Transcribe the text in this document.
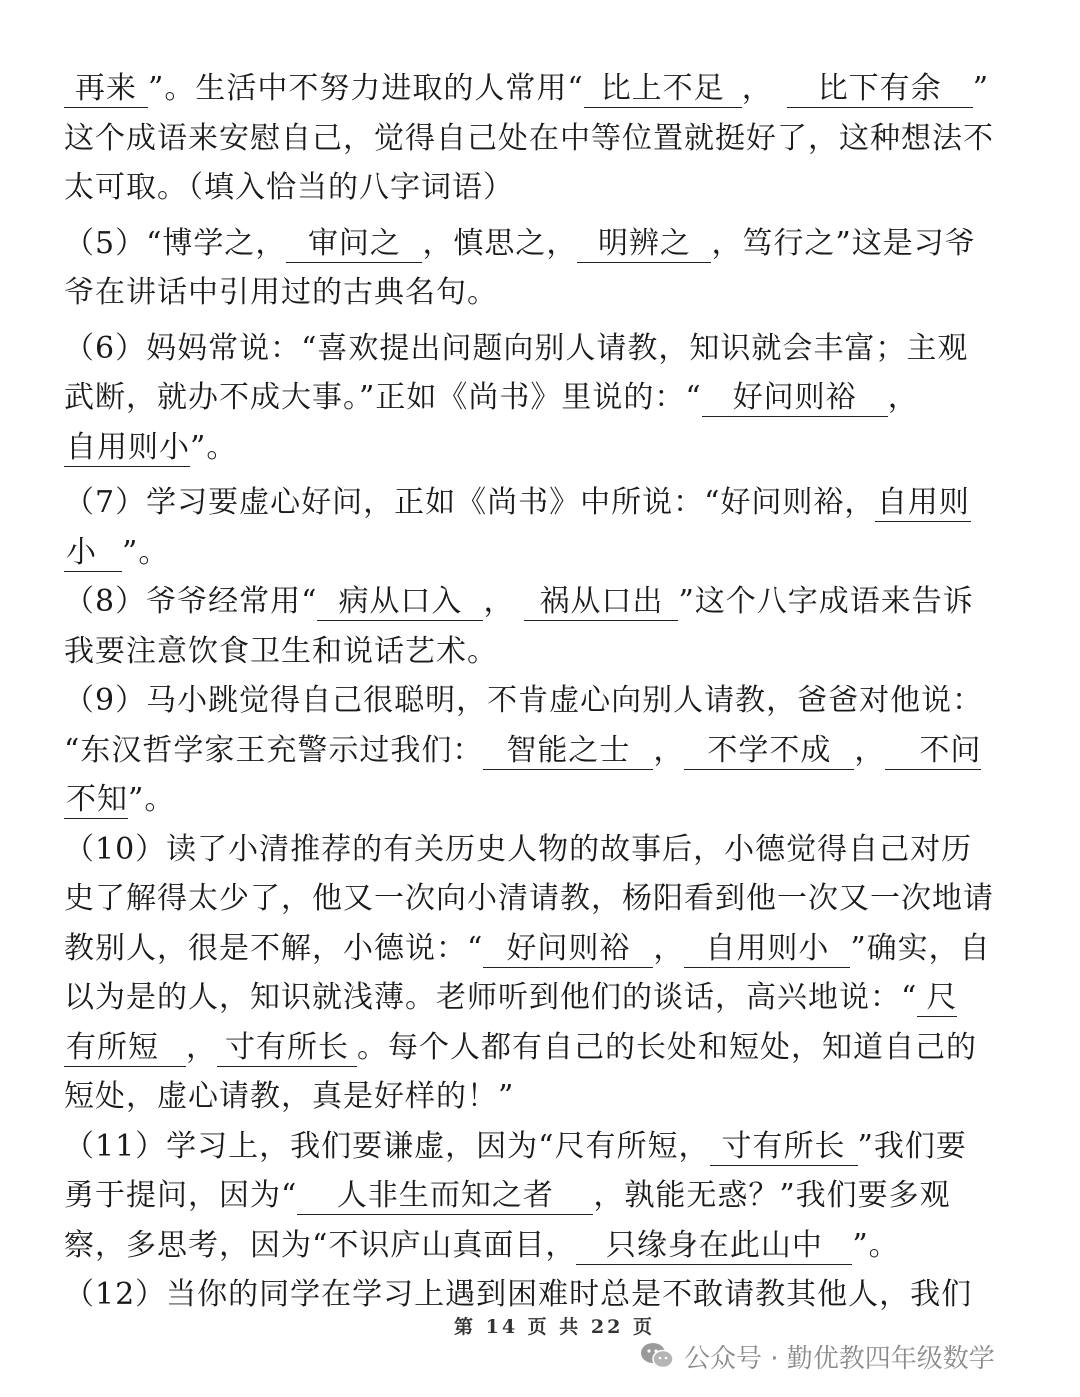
再来 ”。生活中不努力进取的人常用“ 比上不足 ， 比下有余 ”
这个成语来安慰自己，觉得自己处在中等位置就挺好了，这种想法不
太可取。（填入恰当的八字词语）
（5）“博学之， 审问之 ，慎思之， 明辨之 ，笃行之”这是习爷
爷在讲话中引用过的古典名句。
（6）妈妈常说：“喜欢提出问题向别人请教，知识就会丰富；主观
武断，就办不成大事。”正如《尚书》里说的：“ 好问则裕 ，
自用则小”。
（7）学习要虚心好问，正如《尚书》中所说：“好问则裕，自用则
小 ”。
（8）爷爷经常用“ 病从口入 ， 祸从口出 ”这个八字成语来告诉
我要注意饮食卫生和说话艺术。
（9）马小跳觉得自己很聪明，不肯虚心向别人请教，爸爸对他说：
“东汉哲学家王充警示过我们： 智能之士 ， 不学不成 ， 不问
不知”。
（10）读了小清推荐的有关历史人物的故事后，小德觉得自己对历
史了解得太少了，他又一次向小清请教，杨阳看到他一次又一次地请
教别人，很是不解，小德说：“ 好问则裕 ， 自用则小 ”确实，自
以为是的人，知识就浅薄。老师听到他们的谈话，高兴地说：“ 尺
有所短 ， 寸有所长 。每个人都有自己的长处和短处，知道自己的
短处，虚心请教，真是好样的！”
（11）学习上，我们要谦虚，因为“尺有所短， 寸有所长 ”我们要
勇于提问，因为“ 人非生而知之者 ，孰能无惑？”我们要多观
察，多思考，因为“不识庐山真面目， 只缘身在此山中 ”。
（12）当你的同学在学习上遇到困难时总是不敢请教其他人，我们
第 14 页 共 22 页
公众号 · 勤优教四年级数学
